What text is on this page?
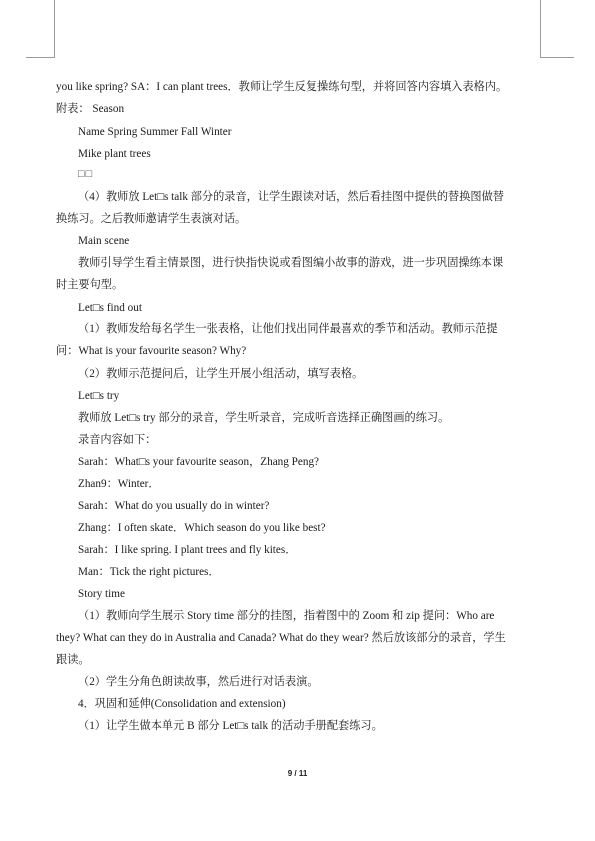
you like spring? SA：I can plant trees．教师让学生反复操练句型，并将回答内容填入表格内。
附表： Season
Name Spring Summer Fall Winter
Mike plant trees
□□
（4）教师放 Let□s talk 部分的录音，让学生跟读对话，然后看挂图中提供的替换图做替
换练习。之后教师邀请学生表演对话。
Main scene
教师引导学生看主情景图，进行快指快说或看图编小故事的游戏，进一步巩固操练本课
时主要句型。
Let□s find out
（1）教师发给每名学生一张表格，让他们找出同伴最喜欢的季节和活动。教师示范提
问：What is your favourite season? Why?
（2）教师示范提问后，让学生开展小组活动，填写表格。
Let□s try
教师放 Let□s try 部分的录音，学生听录音，完成听音选择正确图画的练习。
录音内容如下：
Sarah：What□s your favourite season，Zhang Peng?
Zhan9：Winter．
Sarah：What do you usually do in winter?
Zhang：I often skate．Which season do you like best?
Sarah：I like spring. I plant trees and fly kites．
Man：Tick the right pictures．
Story time
（1）教师向学生展示 Story time 部分的挂图，指着图中的 Zoom 和 zip 提问：Who are
they? What can they do in Australia and Canada? What do they wear? 然后放该部分的录音，学生
跟读。
（2）学生分角色朗读故事，然后进行对话表演。
4．巩固和延伸(Consolidation and extension)
（1）让学生做本单元 B 部分 Let□s talk 的活动手册配套练习。
9 / 11
